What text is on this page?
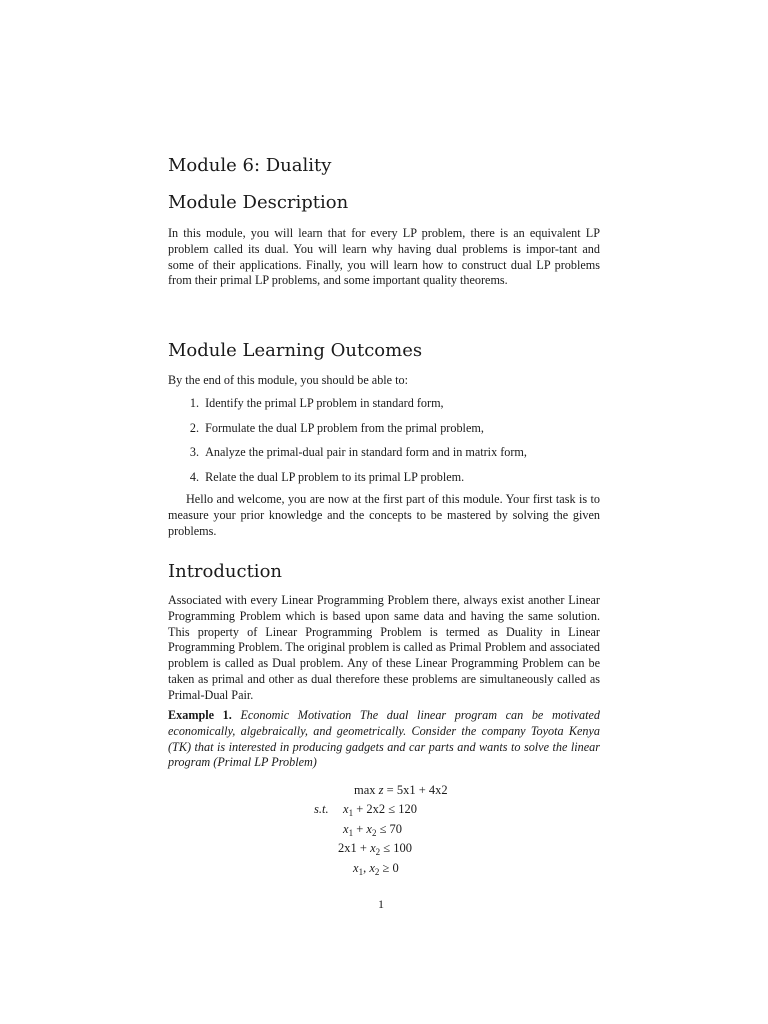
Module 6: Duality
Module Description

In this module, you will learn that for every LP problem, there is an equivalent LP problem called its dual. You will learn why having dual problems is impor-tant and some of their applications. Finally, you will learn how to construct dual LP problems from their primal LP problems, and some important quality theorems.

Module Learning Outcomes

By the end of this module, you should be able to:

1. Identify the primal LP problem in standard form,
2. Formulate the dual LP problem from the primal problem,
3. Analyze the primal-dual pair in standard form and in matrix form,
4. Relate the dual LP problem to its primal LP problem.

Hello and welcome, you are now at the first part of this module. Your first task is to measure your prior knowledge and the concepts to be mastered by solving the given problems.

Introduction

Associated with every Linear Programming Problem there, always exist another Linear Programming Problem which is based upon same data and having the same solution. This property of Linear Programming Problem is termed as Duality in Linear Programming Problem. The original problem is called as Primal Problem and associated problem is called as Dual problem. Any of these Linear Programming Problem can be taken as primal and other as dual therefore these problems are simultaneously called as Primal-Dual Pair.

Example 1. Economic Motivation The dual linear program can be motivated economically, algebraically, and geometrically. Consider the company Toyota Kenya (TK) that is interested in producing gadgets and car parts and wants to solve the linear program (Primal LP Problem)

max z = 5x1 + 4x2
s.t. $x_1 + 2x2 \le 120$
$x_1 + x_2 \le 70$
$2x1 + x_2 \le 100$
$x_1$, $x_2 \ge 0$
1
